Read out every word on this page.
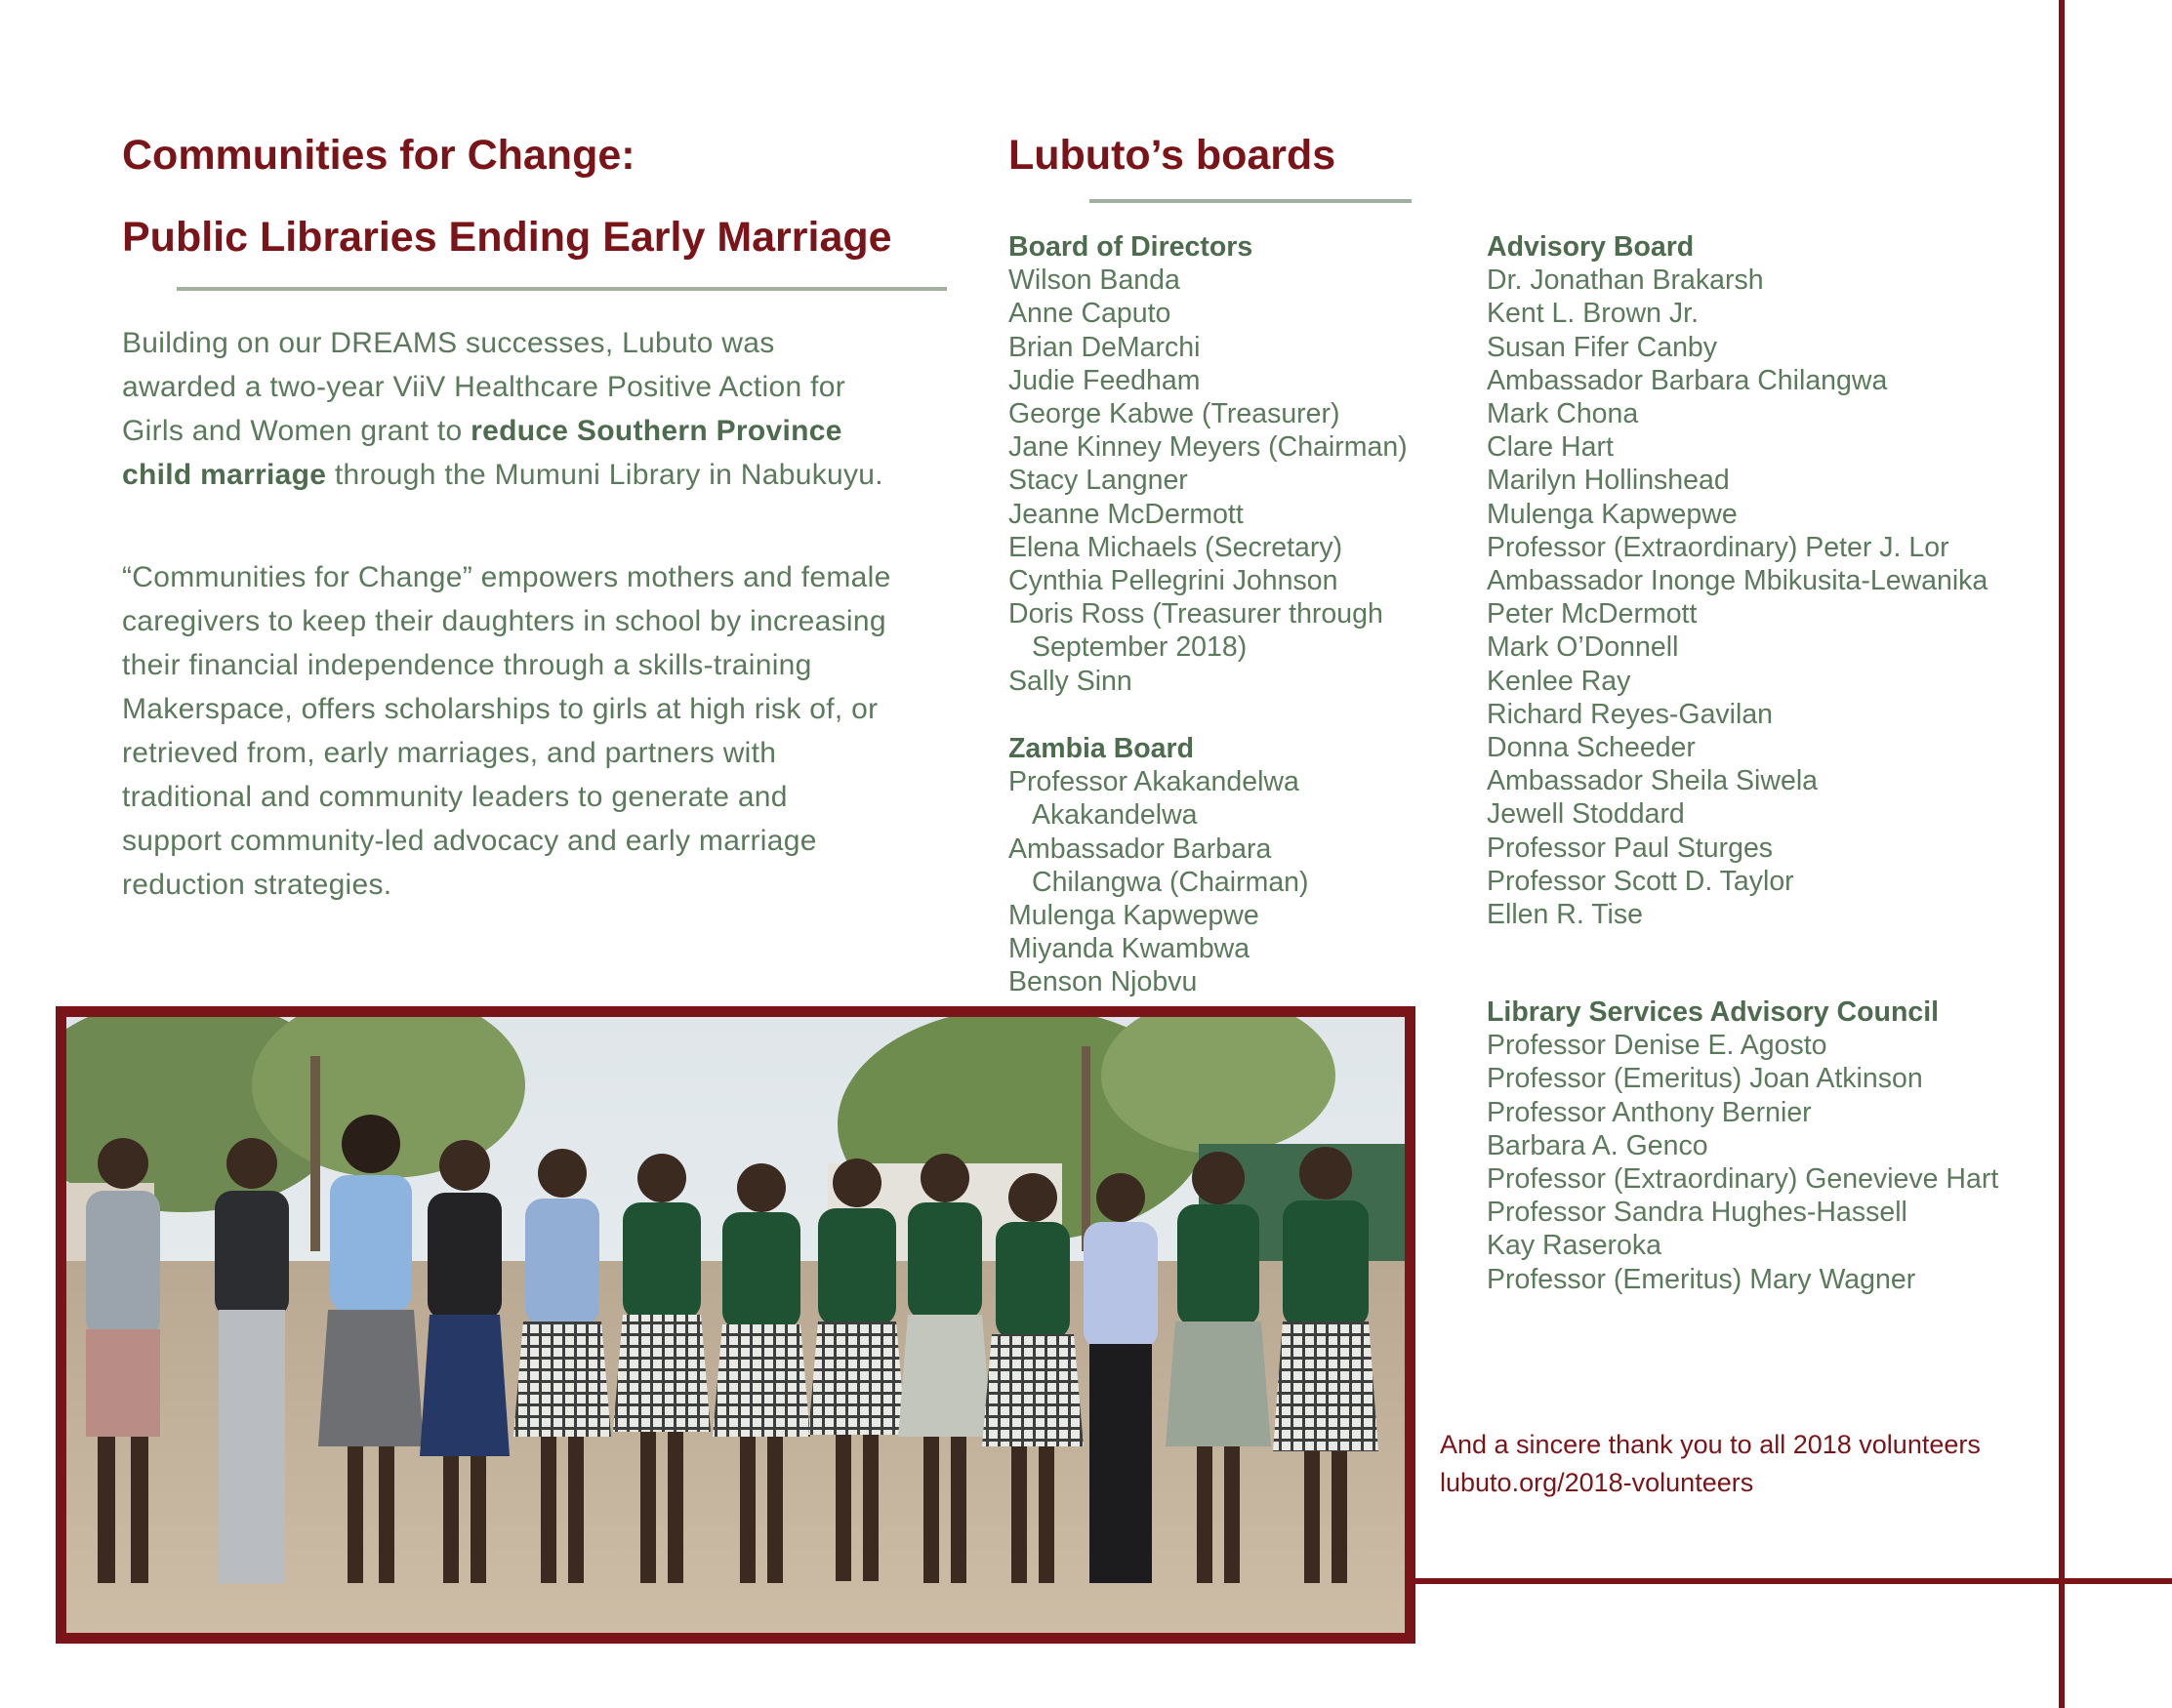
Communities for Change:
Public Libraries Ending Early Marriage

Building on our DREAMS successes, Lubuto was awarded a two-year ViiV Healthcare Positive Action for Girls and Women grant to reduce Southern Province child marriage through the Mumuni Library in Nabukuyu.

“Communities for Change” empowers mothers and female caregivers to keep their daughters in school by increasing their financial independence through a skills-training Makerspace, offers scholarships to girls at high risk of, or retrieved from, early marriages, and partners with traditional and community leaders to generate and support community-led advocacy and early marriage reduction strategies.

Lubuto’s boards
Board of Directors
Wilson Banda
Anne Caputo
Brian DeMarchi
Judie Feedham
George Kabwe (Treasurer)
Jane Kinney Meyers (Chairman)
Stacy Langner
Jeanne McDermott
Elena Michaels (Secretary)
Cynthia Pellegrini Johnson
Doris Ross (Treasurer through
September 2018)
Sally Sinn
Zambia Board
Professor Akakandelwa
Akakandelwa
Ambassador Barbara
Chilangwa (Chairman)
Mulenga Kapwepwe
Miyanda Kwambwa
Benson Njobvu
Advisory Board
Dr. Jonathan Brakarsh
Kent L. Brown Jr.
Susan Fifer Canby
Ambassador Barbara Chilangwa
Mark Chona
Clare Hart
Marilyn Hollinshead
Mulenga Kapwepwe
Professor (Extraordinary) Peter J. Lor
Ambassador Inonge Mbikusita-Lewanika
Peter McDermott
Mark O’Donnell
Kenlee Ray
Richard Reyes-Gavilan
Donna Scheeder
Ambassador Sheila Siwela
Jewell Stoddard
Professor Paul Sturges
Professor Scott D. Taylor
Ellen R. Tise
Library Services Advisory Council
Professor Denise E. Agosto
Professor (Emeritus) Joan Atkinson
Professor Anthony Bernier
Barbara A. Genco
Professor (Extraordinary) Genevieve Hart
Professor Sandra Hughes-Hassell
Kay Raseroka
Professor (Emeritus) Mary Wagner
And a sincere thank you to all 2018 volunteers
lubuto.org/2018-volunteers
